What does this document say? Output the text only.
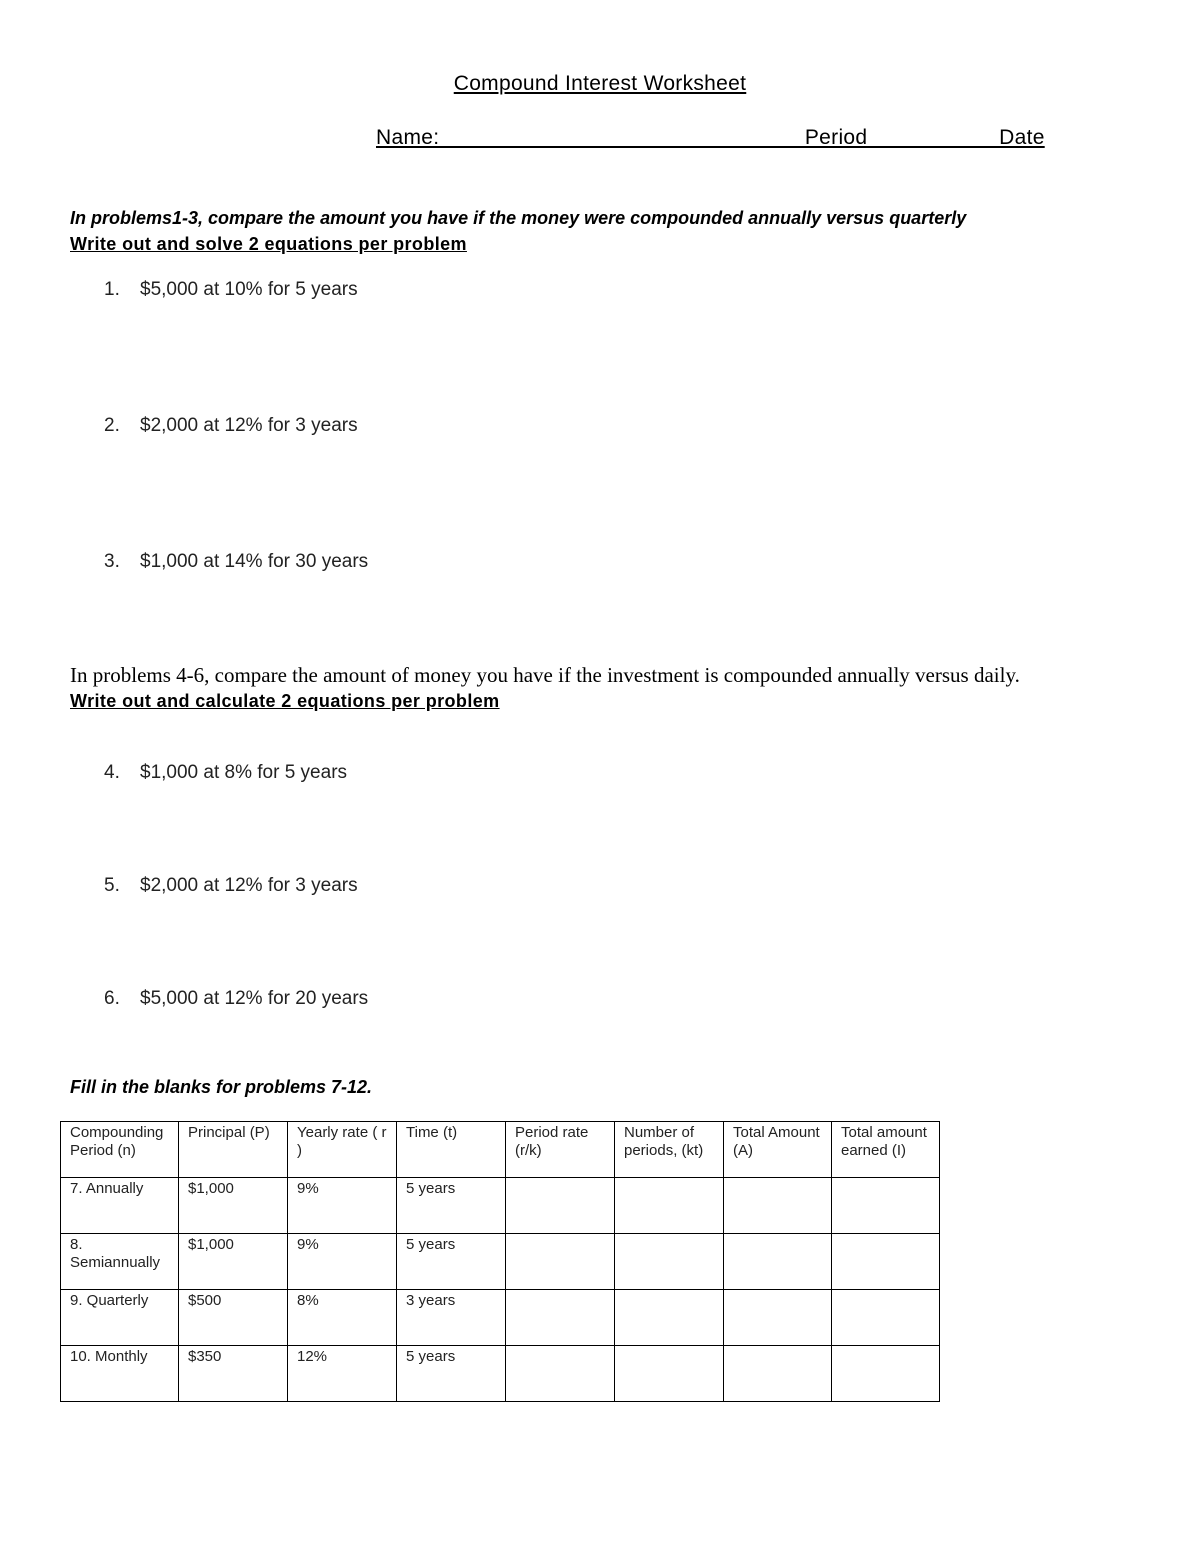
Compound Interest Worksheet
Name: ______________________________Period___________Date
In problems1-3, compare the amount you have if the money were compounded annually versus quarterly
Write out and solve 2 equations per problem
1. $5,000 at 10% for 5 years
2. $2,000 at 12% for 3 years
3. $1,000 at 14% for 30 years
In problems 4-6, compare the amount of money you have if the investment is compounded annually versus daily.
Write out and calculate 2 equations per problem
4. $1,000 at 8% for 5 years
5. $2,000 at 12% for 3 years
6. $5,000 at 12% for 20 years
Fill in the blanks for problems 7-12.
Compounding Period (n)	Principal (P)	Yearly rate ( r )	Time (t)	Period rate (r/k)	Number of periods, (kt)	Total Amount (A)	Total amount earned (I)
7. Annually	$1,000	9%	5 years				
8. Semiannually	$1,000	9%	5 years				
9. Quarterly	$500	8%	3 years				
10. Monthly	$350	12%	5 years				
